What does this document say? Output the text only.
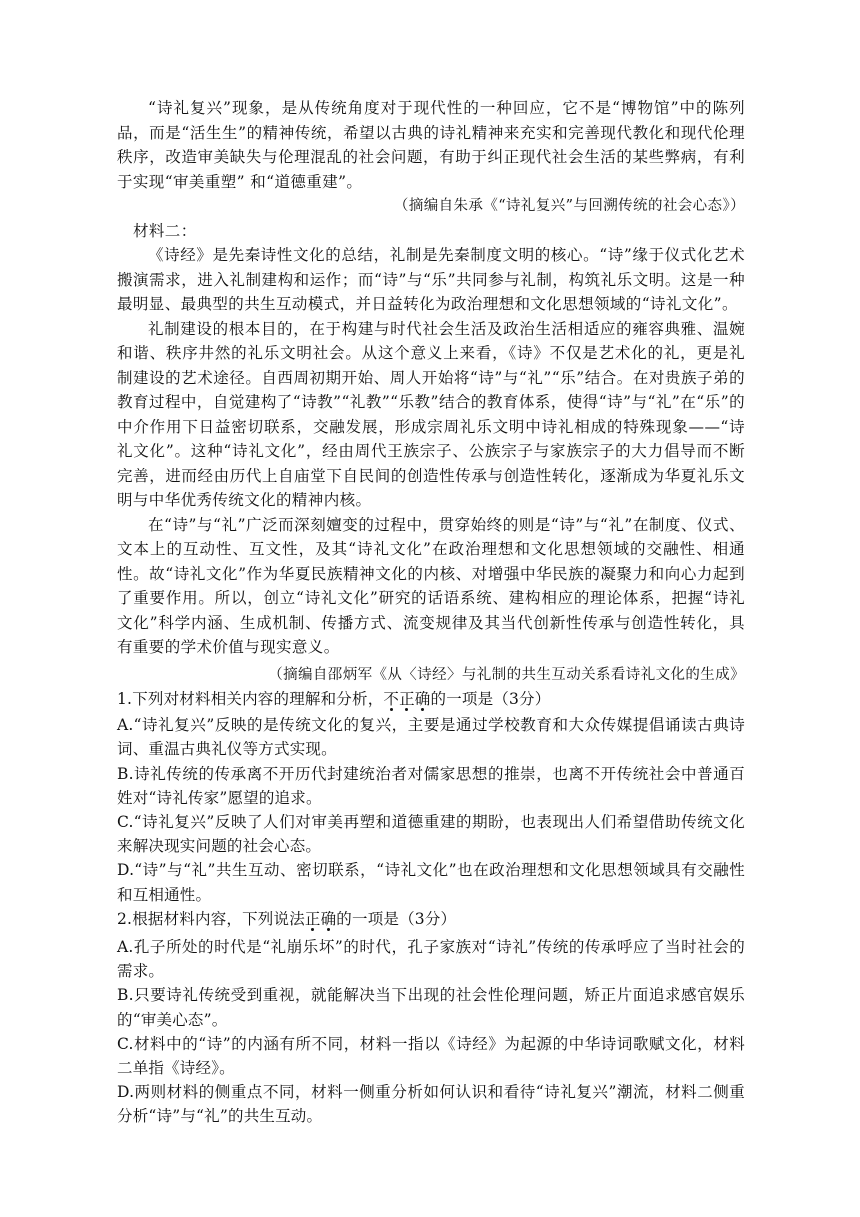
“诗礼复兴”现象，是从传统角度对于现代性的一种回应，它不是“博物馆”中的陈列品，而是“活生生”的精神传统，希望以古典的诗礼精神来充实和完善现代教化和现代伦理秩序，改造审美缺失与伦理混乱的社会问题，有助于纠正现代社会生活的某些弊病，有利于实现“审美重塑” 和“道德重建”。

（摘编自朱承《“诗礼复兴”与回溯传统的社会心态》）

材料二：

《诗经》是先秦诗性文化的总结，礼制是先秦制度文明的核心。“诗”缘于仪式化艺术搬演需求，进入礼制建构和运作；而“诗”与“乐”共同参与礼制，构筑礼乐文明。这是一种最明显、最典型的共生互动模式，并日益转化为政治理想和文化思想领域的“诗礼文化”。

礼制建设的根本目的，在于构建与时代社会生活及政治生活相适应的雍容典雅、温婉和谐、秩序井然的礼乐文明社会。从这个意义上来看，《诗》不仅是艺术化的礼，更是礼制建设的艺术途径。自西周初期开始、周人开始将“诗”与“礼”“乐”结合。在对贵族子弟的教育过程中，自觉建构了“诗教”“礼教”“乐教”结合的教育体系，使得“诗”与“礼”在“乐”的中介作用下日益密切联系，交融发展，形成宗周礼乐文明中诗礼相成的特殊现象——“诗礼文化”。这种“诗礼文化”，经由周代王族宗子、公族宗子与家族宗子的大力倡导而不断完善，进而经由历代上自庙堂下自民间的创造性传承与创造性转化，逐渐成为华夏礼乐文明与中华优秀传统文化的精神内核。

在“诗”与“礼”广泛而深刻嬗变的过程中，贯穿始终的则是“诗”与“礼”在制度、仪式、文本上的互动性、互文性，及其“诗礼文化”在政治理想和文化思想领域的交融性、相通性。故“诗礼文化”作为华夏民族精神文化的内核、对增强中华民族的凝聚力和向心力起到了重要作用。所以，创立“诗礼文化”研究的话语系统、建构相应的理论体系，把握“诗礼文化”科学内涵、生成机制、传播方式、流变规律及其当代创新性传承与创造性转化，具有重要的学术价值与现实意义。

（摘编自邵炳军《从〈诗经〉与礼制的共生互动关系看诗礼文化的生成》

1.下列对材料相关内容的理解和分析，不正确的一项是（3分）

A.“诗礼复兴”反映的是传统文化的复兴，主要是通过学校教育和大众传媒提倡诵读古典诗词、重温古典礼仪等方式实现。

B.诗礼传统的传承离不开历代封建统治者对儒家思想的推崇，也离不开传统社会中普通百姓对“诗礼传家”愿望的追求。

C.“诗礼复兴”反映了人们对审美再塑和道德重建的期盼，也表现出人们希望借助传统文化来解决现实问题的社会心态。

D.“诗”与“礼”共生互动、密切联系，“诗礼文化”也在政治理想和文化思想领域具有交融性和互相通性。

2.根据材料内容，下列说法正确的一项是（3分）

A.孔子所处的时代是“礼崩乐坏”的时代，孔子家族对“诗礼”传统的传承呼应了当时社会的需求。

B.只要诗礼传统受到重视，就能解决当下出现的社会性伦理问题，矫正片面追求感官娱乐的“审美心态”。

C.材料中的“诗”的内涵有所不同，材料一指以《诗经》为起源的中华诗词歌赋文化，材料二单指《诗经》。

D.两则材料的侧重点不同，材料一侧重分析如何认识和看待“诗礼复兴”潮流，材料二侧重分析“诗”与“礼”的共生互动。
